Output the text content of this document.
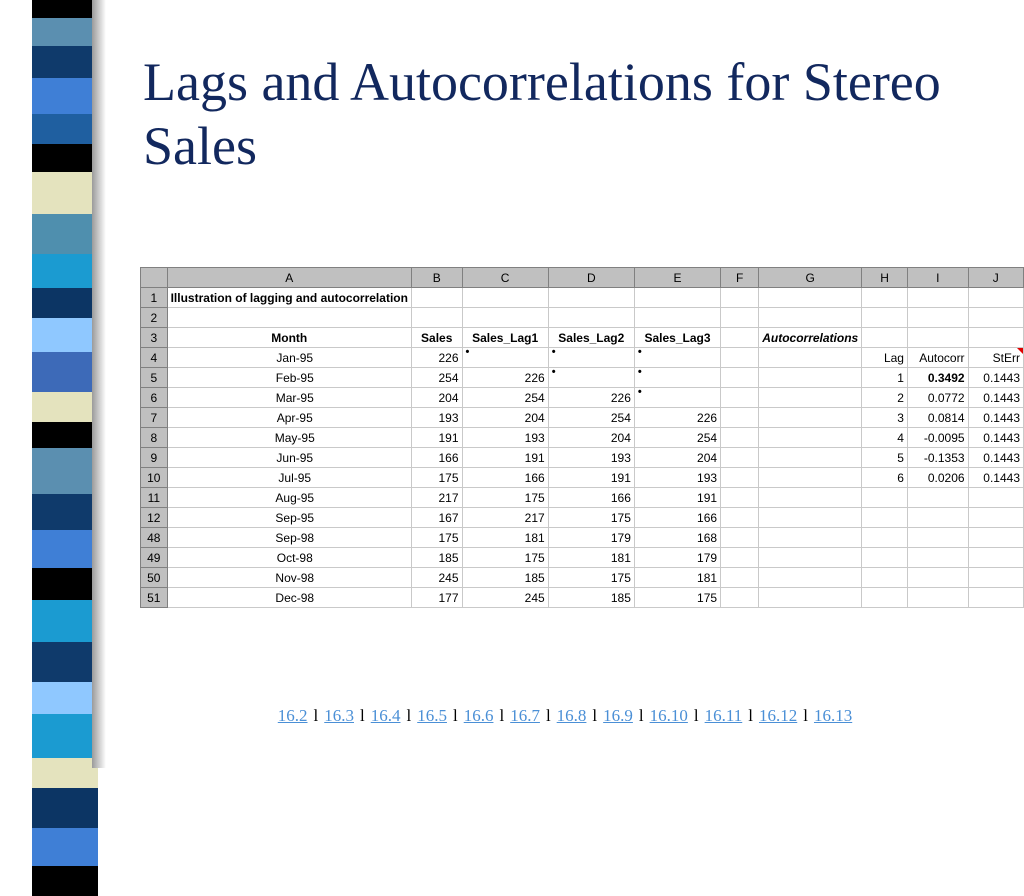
Lags and Autocorrelations for Stereo Sales
	A	B	C	D	E	F	G	H	I	J
1	Illustration of lagging and autocorrelation									
2										
3	Month	Sales	Sales_Lag1	Sales_Lag2	Sales_Lag3		Autocorrelations			
4	Jan-95	226	•	•	•			Lag	Autocorr	StErr
5	Feb-95	254	226	•	•			1	0.3492	0.1443
6	Mar-95	204	254	226	•			2	0.0772	0.1443
7	Apr-95	193	204	254	226			3	0.0814	0.1443
8	May-95	191	193	204	254			4	-0.0095	0.1443
9	Jun-95	166	191	193	204			5	-0.1353	0.1443
10	Jul-95	175	166	191	193			6	0.0206	0.1443
11	Aug-95	217	175	166	191					
12	Sep-95	167	217	175	166					
48	Sep-98	175	181	179	168					
49	Oct-98	185	175	181	179					
50	Nov-98	245	185	175	181					
51	Dec-98	177	245	185	175					
16.2 l 16.3 l 16.4 l 16.5 l 16.6 l 16.7 l 16.8 l 16.9 l 16.10 l 16.11 l 16.12 l 16.13
